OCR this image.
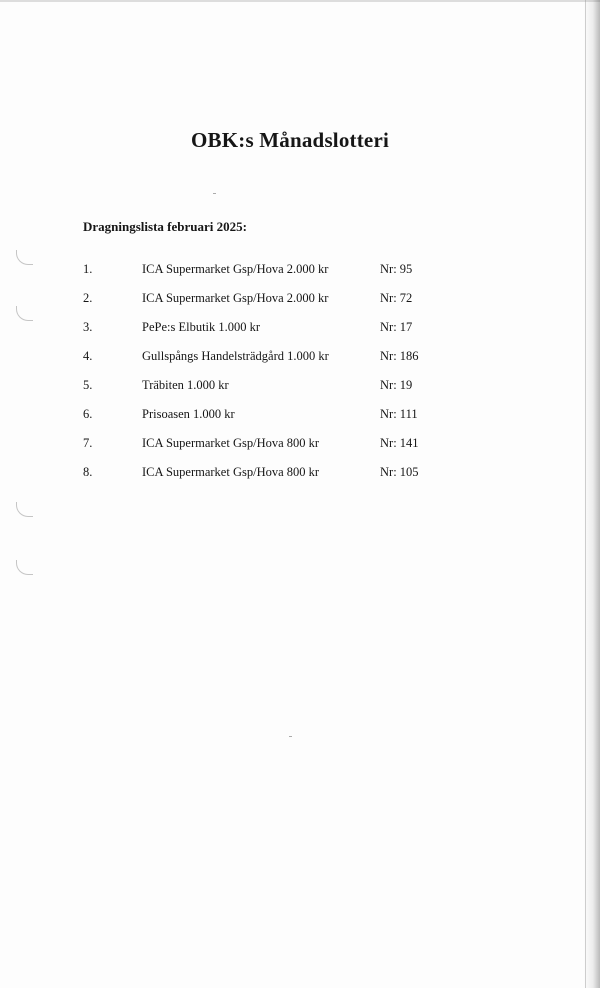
OBK:s Månadslotteri
Dragningslista februari 2025:
1.	ICA Supermarket Gsp/Hova 2.000 kr	Nr: 95
2.	ICA Supermarket Gsp/Hova 2.000 kr	Nr: 72
3.	PePe:s Elbutik 1.000 kr	Nr: 17
4.	Gullspångs Handelsträdgård 1.000 kr	Nr: 186
5.	Träbiten 1.000 kr	Nr: 19
6.	Prisoasen 1.000 kr	Nr: 111
7.	ICA Supermarket Gsp/Hova 800 kr	Nr: 141
8.	ICA Supermarket Gsp/Hova 800 kr	Nr: 105
